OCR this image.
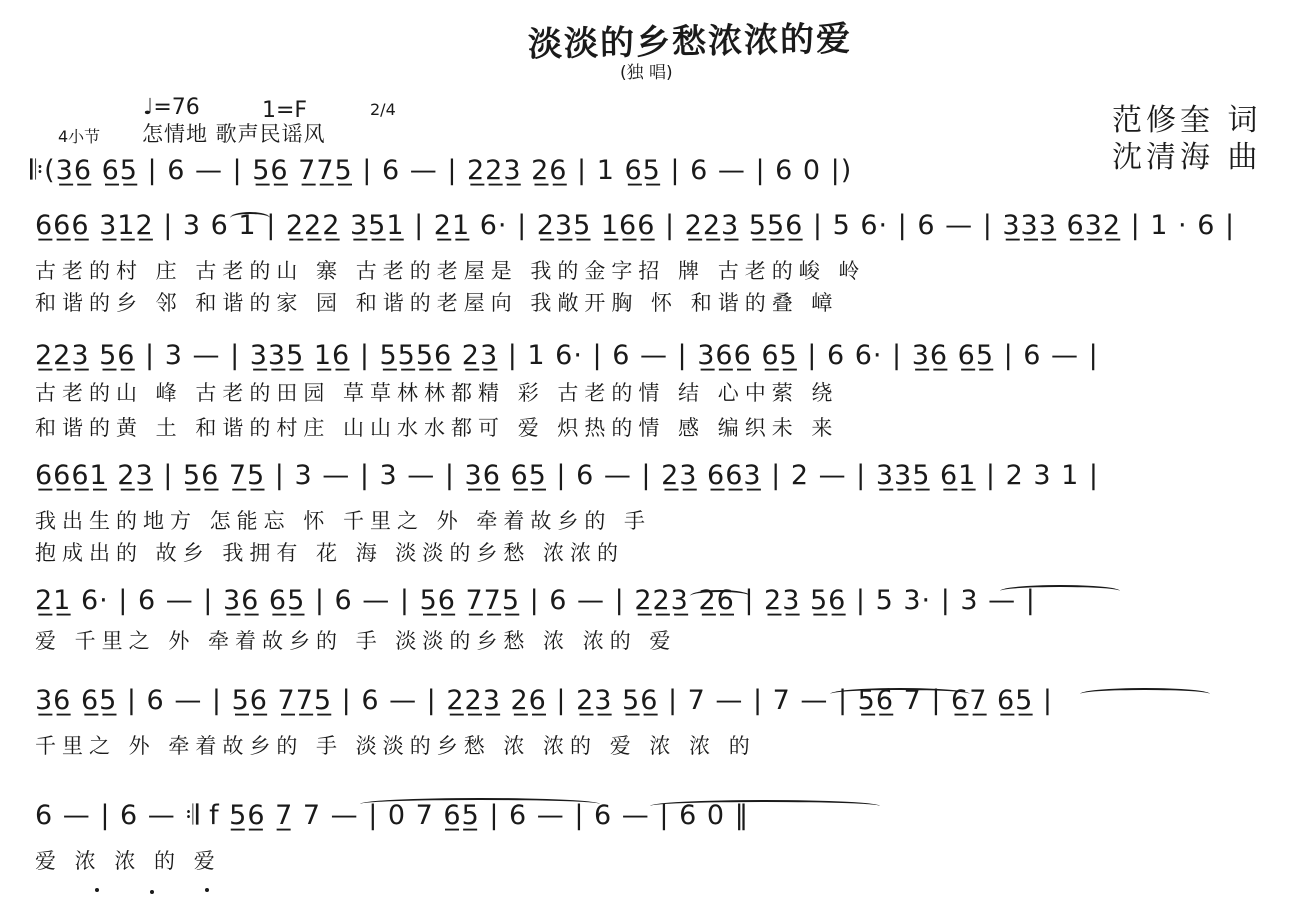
淡淡的乡愁浓浓的爱
(独 唱)
范修奎 词
沈清海 曲
♩=76	1=F	2/4
4小节 怎情地 歌声民谣风
𝄆(3̲6̲ 6̲5̲ | 6 — | 5̲6̲ 7̲7̲5̲ | 6 — | 2̲2̲3̲ 2̲6̲ | 1 6̲5̲ | 6 — | 6 0 |)
6̲6̲6̲ 3̲1̲2̲ | 3 6 1 | 2̲2̲2̲ 3̲5̲1̲ | 2̲1̲ 6· | 2̲3̲5̲ 1̲6̲6̲ | 2̲2̲3̲ 5̲5̲6̲ | 5 6· | 6 — | 3̲3̲3̲ 6̲3̲2̲ | 1 · 6 |
古老的村 庄 古老的山 寨 古老的老屋是 我的金字招 牌 古老的峻 岭
和谐的乡 邻 和谐的家 园 和谐的老屋向 我敞开胸 怀 和谐的叠 嶂
2̲2̲3̲ 5̲6̲ | 3 — | 3̲3̲5̲ 1̲6̲ | 5̲5̲5̲6̲ 2̲3̲ | 1 6· | 6 — | 3̲6̲6̲ 6̲5̲ | 6 6· | 3̲6̲ 6̲5̲ | 6 — |
古老的山 峰 古老的田园 草草林林都精 彩 古老的情 结 心中萦 绕
和谐的黄 土 和谐的村庄 山山水水都可 爱 炽热的情 感 编织未 来
6̲6̲6̲1̲ 2̲3̲ | 5̲6̲ 7̲5̲ | 3 — | 3 — | 3̲6̲ 6̲5̲ | 6 — | 2̲3̲ 6̲6̲3̲ | 2 — | 3̲3̲5̲ 6̲1̲ | 2 3 1 |
我出生的地方 怎能忘 怀 千里之 外 牵着故乡的 手
抱成出的 故乡 我拥有 花 海 淡淡的乡愁 浓浓的
2̲1̲ 6· | 6 — | 3̲6̲ 6̲5̲ | 6 — | 5̲6̲ 7̲7̲5̲ | 6 — | 2̲2̲3̲ 2̲6̲ | 2̲3̲ 5̲6̲ | 5 3· | 3 — |
爱 千里之 外 牵着故乡的 手 淡淡的乡愁 浓 浓的 爱
3̲6̲ 6̲5̲ | 6 — | 5̲6̲ 7̲7̲5̲ | 6 — | 2̲2̲3̲ 2̲6̲ | 2̲3̲ 5̲6̲ | 7 — | 7 — | 5̲6̲ 7 | 6̲7̲ 6̲5̲ |
千里之 外 牵着故乡的 手 淡淡的乡愁 浓 浓的 爱 浓 浓 的
6 — | 6 — 𝄇 f 5̲6̲ 7̲ 7 — | 0 7 6̲5̲ | 6 — | 6 — | 6 0 ‖
爱 浓 浓 的 爱
